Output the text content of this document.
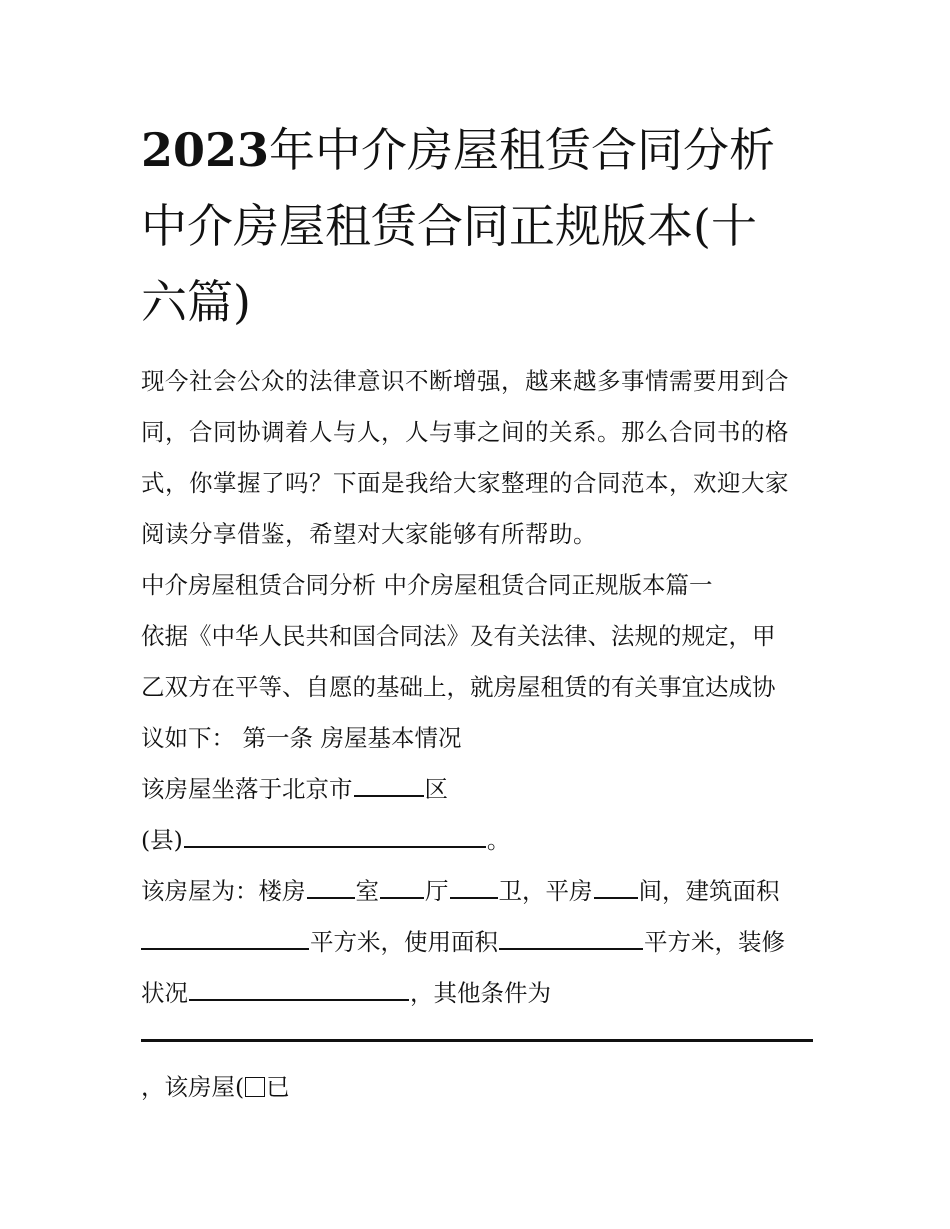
2023年中介房屋租赁合同分析
中介房屋租赁合同正规版本(十
六篇)
现今社会公众的法律意识不断增强，越来越多事情需要用到合
同，合同协调着人与人，人与事之间的关系。那么合同书的格
式，你掌握了吗？下面是我给大家整理的合同范本，欢迎大家
阅读分享借鉴，希望对大家能够有所帮助。
中介房屋租赁合同分析 中介房屋租赁合同正规版本篇一
依据《中华人民共和国合同法》及有关法律、法规的规定，甲
乙双方在平等、自愿的基础上，就房屋租赁的有关事宜达成协
议如下： 第一条 房屋基本情况
该房屋坐落于北京市	区
(县)	。
该房屋为：楼房 室 厅 卫，平房 间，建筑面积
平方米，使用面积	平方米，装修
状况	，其他条件为
，该房屋( 已
